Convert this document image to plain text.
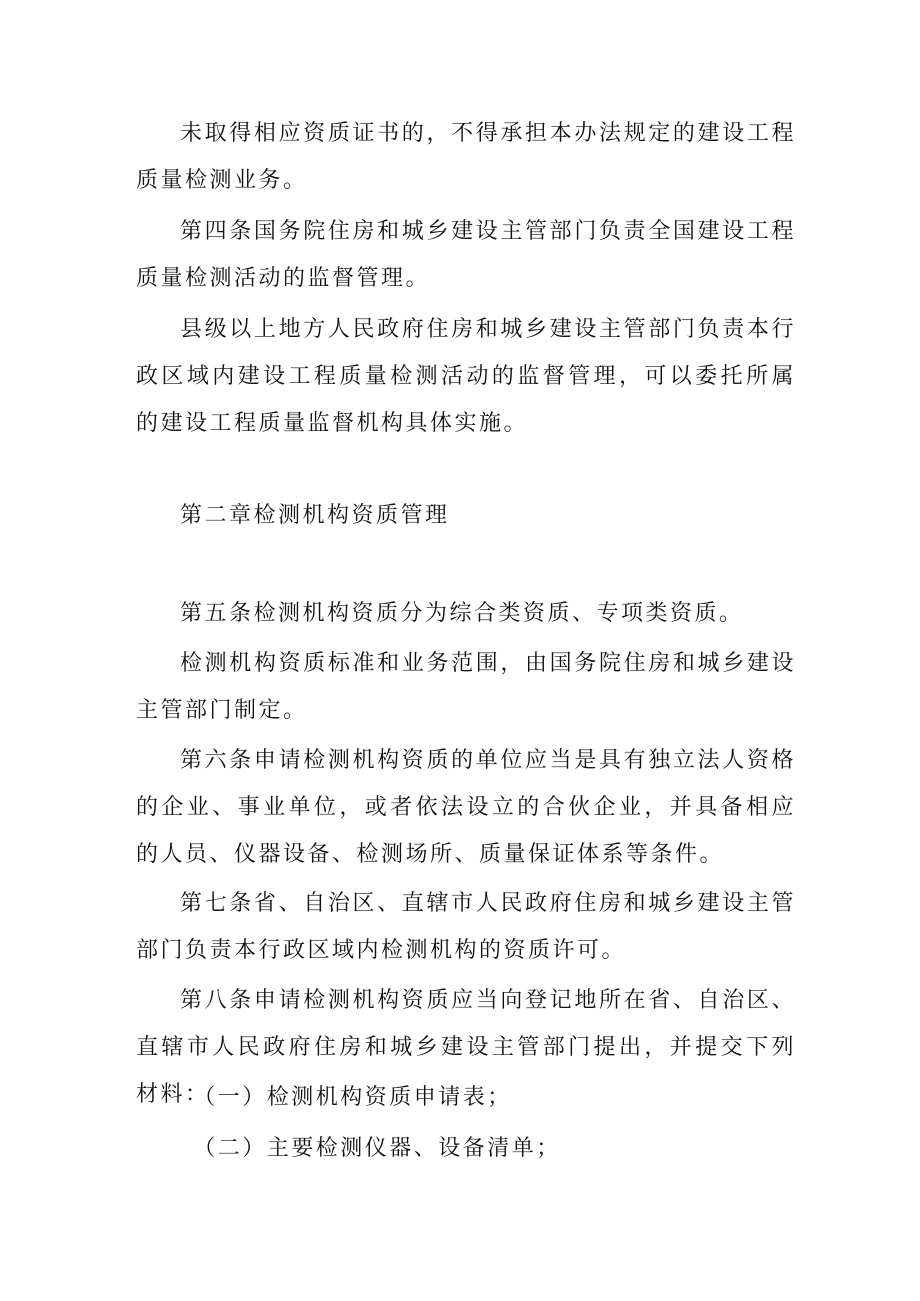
未取得相应资质证书的，不得承担本办法规定的建设工程质量检测业务。

第四条国务院住房和城乡建设主管部门负责全国建设工程质量检测活动的监督管理。

县级以上地方人民政府住房和城乡建设主管部门负责本行政区域内建设工程质量检测活动的监督管理，可以委托所属的建设工程质量监督机构具体实施。

第二章检测机构资质管理

第五条检测机构资质分为综合类资质、专项类资质。

检测机构资质标准和业务范围，由国务院住房和城乡建设主管部门制定。

第六条申请检测机构资质的单位应当是具有独立法人资格的企业、事业单位，或者依法设立的合伙企业，并具备相应的人员、仪器设备、检测场所、质量保证体系等条件。

第七条省、自治区、直辖市人民政府住房和城乡建设主管部门负责本行政区域内检测机构的资质许可。

第八条申请检测机构资质应当向登记地所在省、自治区、直辖市人民政府住房和城乡建设主管部门提出，并提交下列材料：

（一）检测机构资质申请表；

（二）主要检测仪器、设备清单；
